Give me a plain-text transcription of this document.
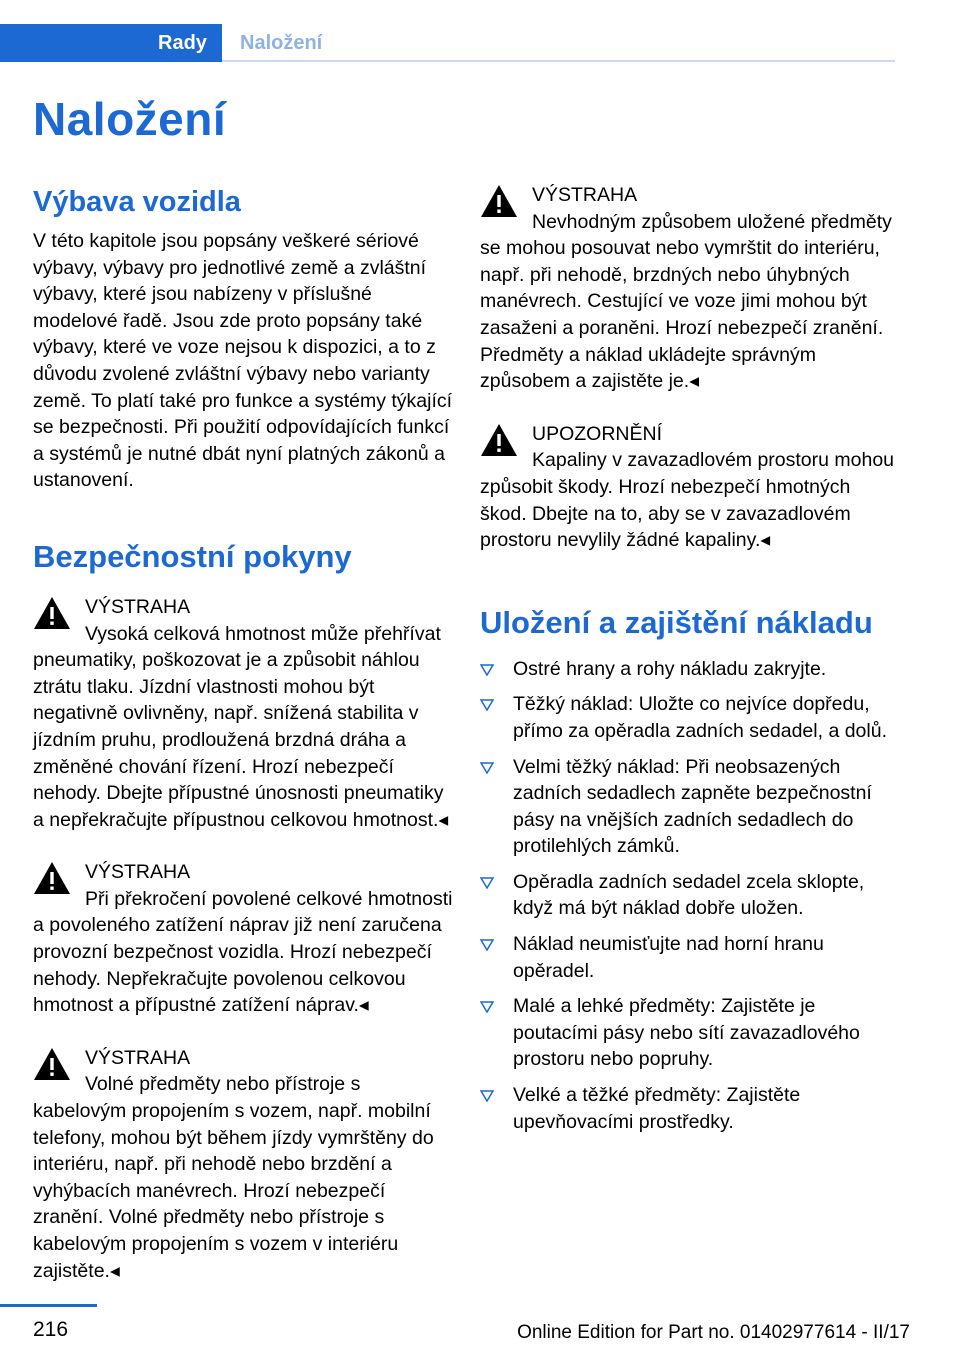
Rady	Naložení
Naložení
Výbava vozidla

V této kapitole jsou popsány veškeré sériové výbavy, výbavy pro jednotlivé země a zvláštní výbavy, které jsou nabízeny v příslušné modelové řadě. Jsou zde proto popsány také výbavy, které ve voze nejsou k dispozici, a to z důvodu zvolené zvláštní výbavy nebo varianty země. To platí také pro funkce a systémy týkající se bezpečnosti. Při použití odpovídajících funkcí a systémů je nutné dbát nyní platných zákonů a ustanovení.

Bezpečnostní pokyny

VÝSTRAHA

Vysoká celková hmotnost může přehřívat pneumatiky, poškozovat je a způsobit náhlou ztrátu tlaku. Jízdní vlastnosti mohou být negativně ovlivněny, např. snížená stabilita v jízdním pruhu, prodloužená brzdná dráha a změněné chování řízení. Hrozí nebezpečí nehody. Dbejte přípustné únosnosti pneumatiky a nepřekračujte přípustnou celkovou hmotnost.◂

VÝSTRAHA

Při překročení povolené celkové hmotnosti a povoleného zatížení náprav již není zaručena provozní bezpečnost vozidla. Hrozí nebezpečí nehody. Nepřekračujte povolenou celkovou hmotnost a přípustné zatížení náprav.◂

VÝSTRAHA

Volné předměty nebo přístroje s kabelovým propojením s vozem, např. mobilní telefony, mohou být během jízdy vymrštěny do interiéru, např. při nehodě nebo brzdění a vyhýbacích manévrech. Hrozí nebezpečí zranění. Volné předměty nebo přístroje s kabelovým propojením s vozem v interiéru zajistěte.◂

VÝSTRAHA

Nevhodným způsobem uložené předměty se mohou posouvat nebo vymrštit do interiéru, např. při nehodě, brzdných nebo úhybných manévrech. Cestující ve voze jimi mohou být zasaženi a poraněni. Hrozí nebezpečí zranění. Předměty a náklad ukládejte správným způsobem a zajistěte je.◂

UPOZORNĚNÍ

Kapaliny v zavazadlovém prostoru mohou způsobit škody. Hrozí nebezpečí hmotných škod. Dbejte na to, aby se v zavazadlovém prostoru nevylily žádné kapaliny.◂

Uložení a zajištění nákladu
Ostré hrany a rohy nákladu zakryjte.
Těžký náklad: Uložte co nejvíce dopředu, přímo za opěradla zadních sedadel, a dolů.
Velmi těžký náklad: Při neobsazených zadních sedadlech zapněte bezpečnostní pásy na vnějších zadních sedadlech do protilehlých zámků.
Opěradla zadních sedadel zcela sklopte, když má být náklad dobře uložen.
Náklad neumisťujte nad horní hranu opěradel.
Malé a lehké předměty: Zajistěte je poutacími pásy nebo sítí zavazadlového prostoru nebo popruhy.
Velké a těžké předměty: Zajistěte upevňovacími prostředky.
216	Online Edition for Part no. 01402977614 - II/17
